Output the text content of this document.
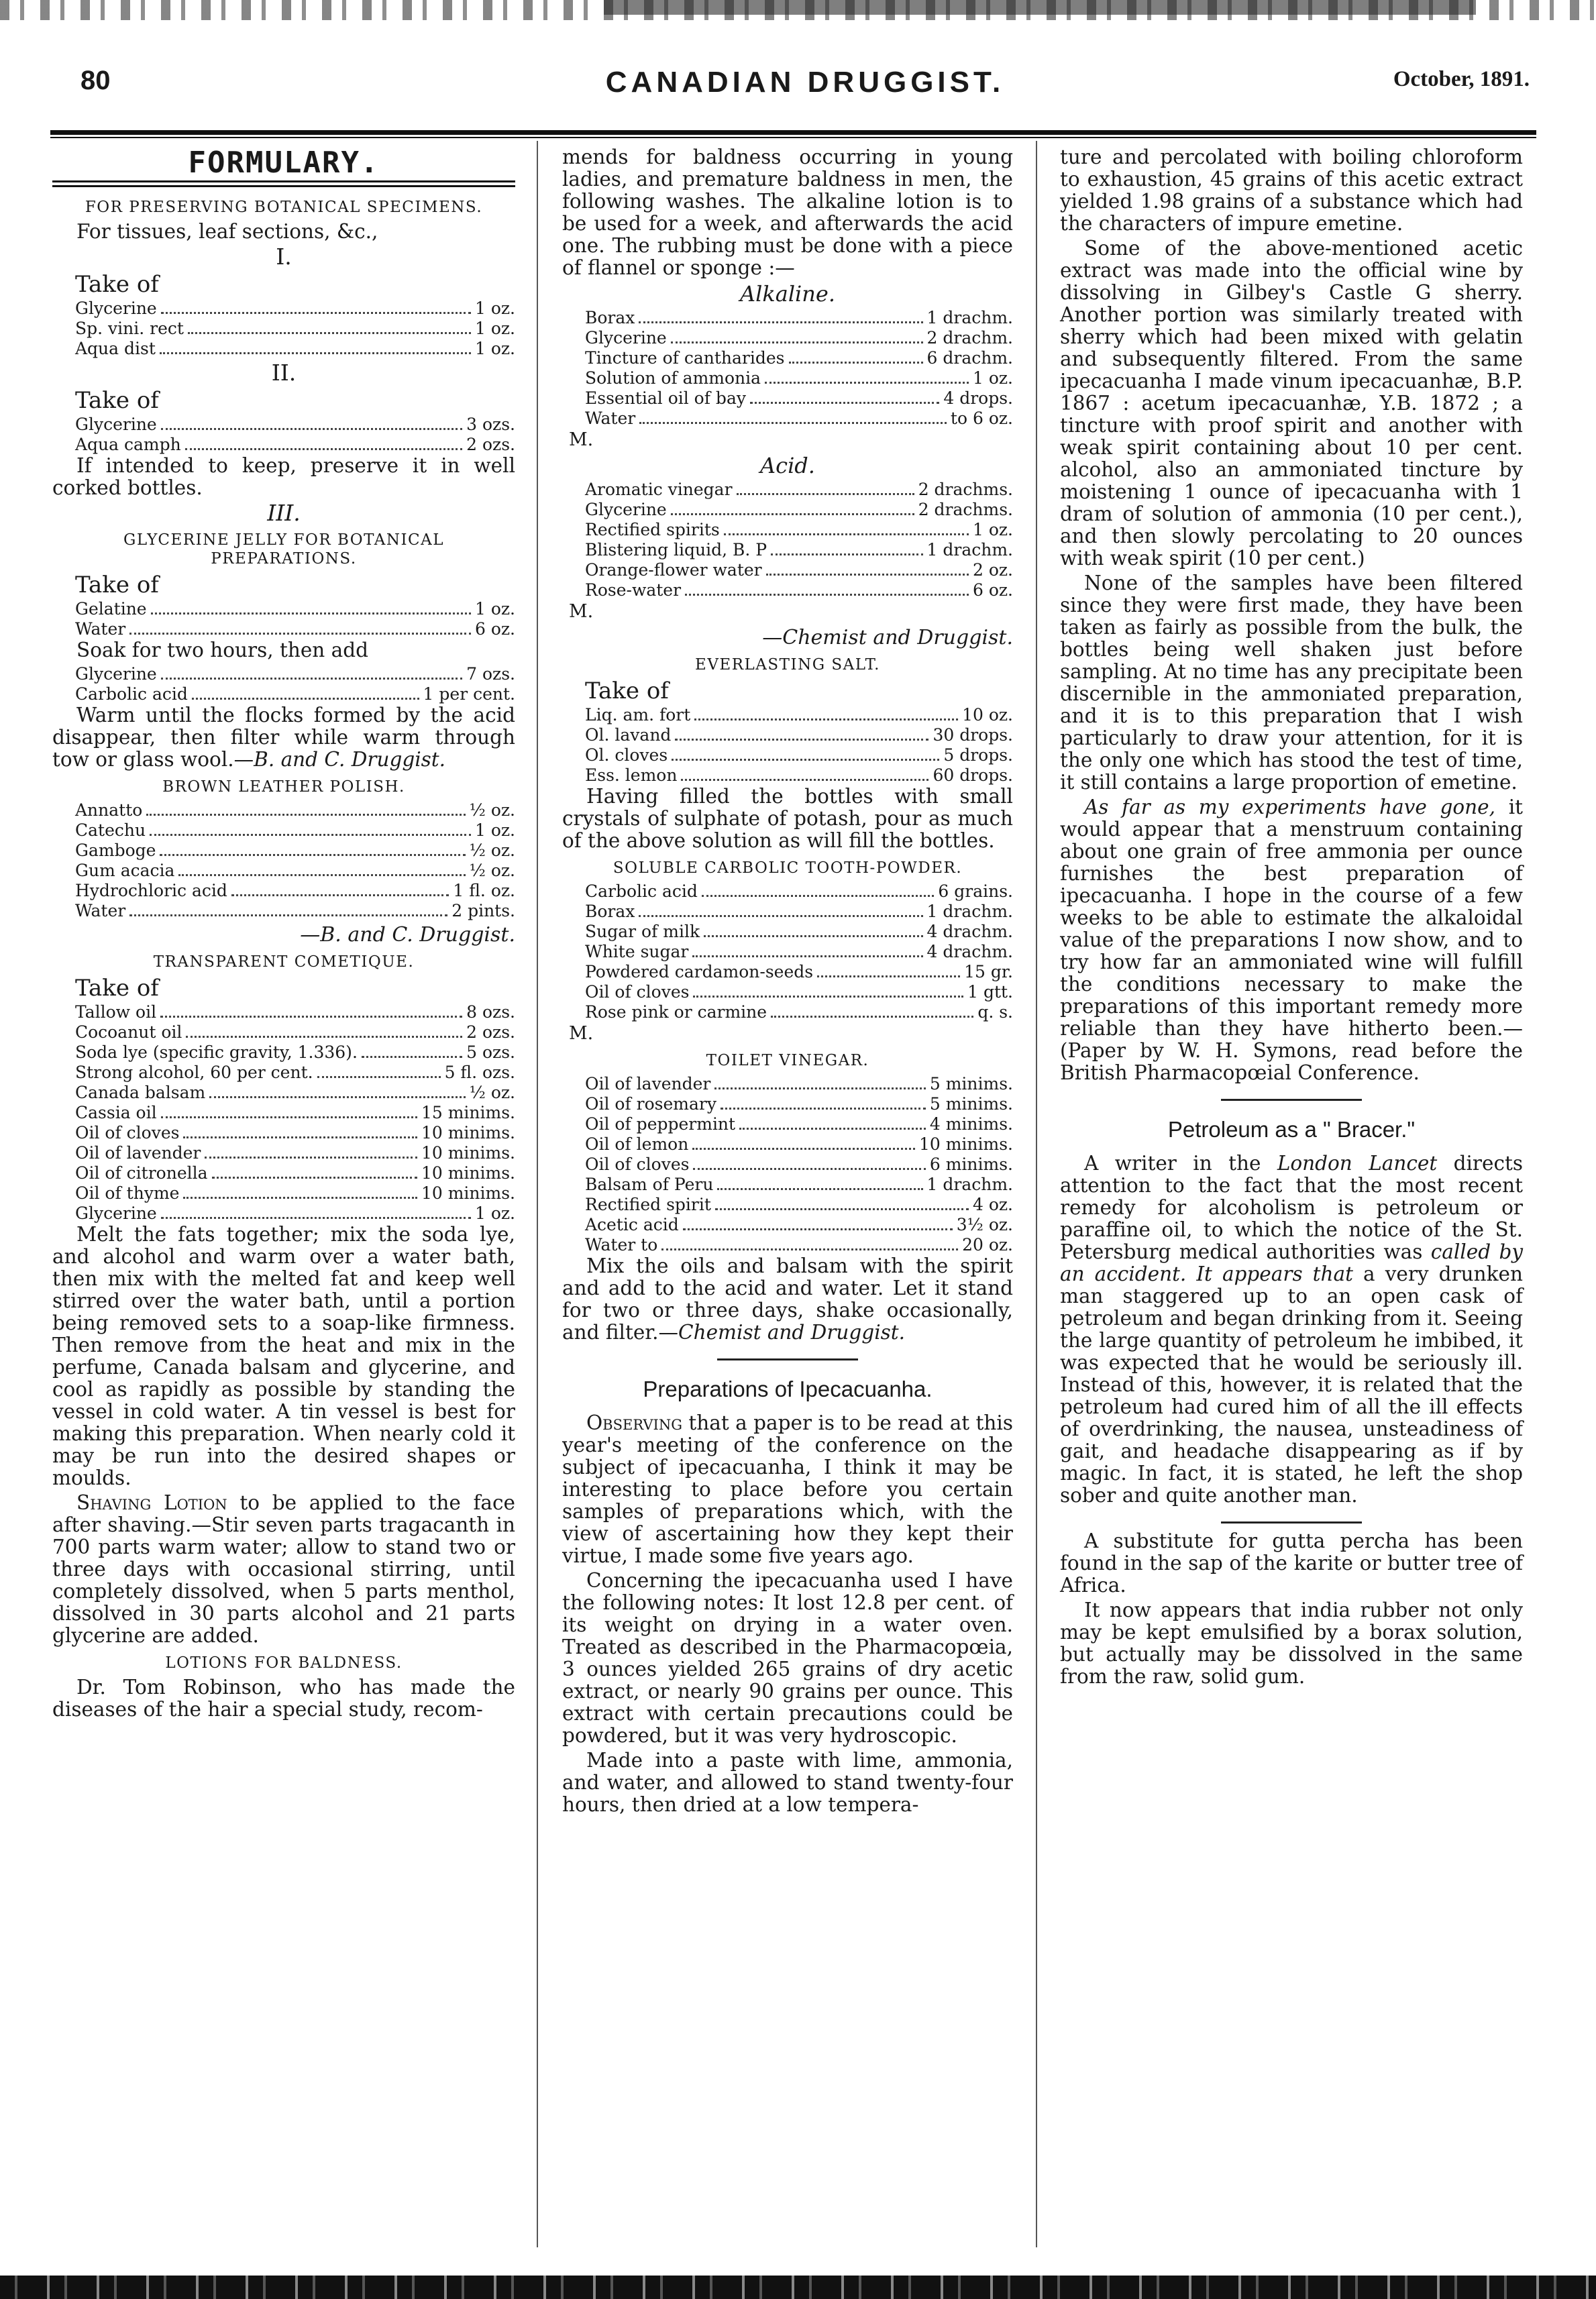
80	CANADIAN DRUGGIST.	October, 1891.
FORMULARY.
FOR PRESERVING BOTANICAL SPECIMENS.

For tissues, leaf sections, &c.,

I.
Take of
Glycerine	1 oz.
Sp. vini. rect	1 oz.
Aqua dist	1 oz.
II.
Take of
Glycerine	3 ozs.
Aqua camph	2 ozs.

If intended to keep, preserve it in well corked bottles.

III.
GLYCERINE JELLY FOR BOTANICAL PREPARATIONS.
Take of
Gelatine	1 oz.
Water	6 oz.

Soak for two hours, then add

Glycerine	7 ozs.
Carbolic acid	1 per cent.

Warm until the flocks formed by the acid disappear, then filter while warm through tow or glass wool.—B. and C. Druggist.

BROWN LEATHER POLISH.
Annatto	½ oz.
Catechu	1 oz.
Gamboge	½ oz.
Gum acacia	½ oz.
Hydrochloric acid	1 fl. oz.
Water	2 pints.
—B. and C. Druggist.
TRANSPARENT COMETIQUE.
Take of
Tallow oil	8 ozs.
Cocoanut oil	2 ozs.
Soda lye (specific gravity, 1.336).	5 ozs.
Strong alcohol, 60 per cent.	5 fl. ozs.
Canada balsam	½ oz.
Cassia oil	15 minims.
Oil of cloves	10 minims.
Oil of lavender	10 minims.
Oil of citronella	10 minims.
Oil of thyme	10 minims.
Glycerine	1 oz.

Melt the fats together; mix the soda lye, and alcohol and warm over a water bath, then mix with the melted fat and keep well stirred over the water bath, until a portion being removed sets to a soap-like firmness. Then remove from the heat and mix in the perfume, Canada balsam and glycerine, and cool as rapidly as possible by standing the vessel in cold water. A tin vessel is best for making this preparation. When nearly cold it may be run into the desired shapes or moulds.

Shaving Lotion to be applied to the face after shaving.—Stir seven parts tragacanth in 700 parts warm water; allow to stand two or three days with occasional stirring, until completely dissolved, when 5 parts menthol, dissolved in 30 parts alcohol and 21 parts glycerine are added.

LOTIONS FOR BALDNESS.

Dr. Tom Robinson, who has made the diseases of the hair a special study, recom-

mends for baldness occurring in young ladies, and premature baldness in men, the following washes. The alkaline lotion is to be used for a week, and afterwards the acid one. The rubbing must be done with a piece of flannel or sponge :—

Alkaline.
Borax	1 drachm.
Glycerine	2 drachm.
Tincture of cantharides	6 drachm.
Solution of ammonia	1 oz.
Essential oil of bay	4 drops.
Water	to 6 oz.
M.
Acid.
Aromatic vinegar	2 drachms.
Glycerine	2 drachms.
Rectified spirits	1 oz.
Blistering liquid, B. P	1 drachm.
Orange-flower water	2 oz.
Rose-water	6 oz.
M.
—Chemist and Druggist.
EVERLASTING SALT.
Take of
Liq. am. fort	10 oz.
Ol. lavand	30 drops.
Ol. cloves	5 drops.
Ess. lemon	60 drops.

Having filled the bottles with small crystals of sulphate of potash, pour as much of the above solution as will fill the bottles.

SOLUBLE CARBOLIC TOOTH-POWDER.
Carbolic acid	6 grains.
Borax	1 drachm.
Sugar of milk	4 drachm.
White sugar	4 drachm.
Powdered cardamon-seeds	15 gr.
Oil of cloves	1 gtt.
Rose pink or carmine	q. s.
M.
TOILET VINEGAR.
Oil of lavender	5 minims.
Oil of rosemary	5 minims.
Oil of peppermint	4 minims.
Oil of lemon	10 minims.
Oil of cloves	6 minims.
Balsam of Peru	1 drachm.
Rectified spirit	4 oz.
Acetic acid	3½ oz.
Water to	20 oz.

Mix the oils and balsam with the spirit and add to the acid and water. Let it stand for two or three days, shake occasionally, and filter.—Chemist and Druggist.

Preparations of Ipecacuanha.

Observing that a paper is to be read at this year's meeting of the conference on the subject of ipecacuanha, I think it may be interesting to place before you certain samples of preparations which, with the view of ascertaining how they kept their virtue, I made some five years ago.

Concerning the ipecacuanha used I have the following notes: It lost 12.8 per cent. of its weight on drying in a water oven. Treated as described in the Pharmacopœia, 3 ounces yielded 265 grains of dry acetic extract, or nearly 90 grains per ounce. This extract with certain precautions could be powdered, but it was very hydroscopic.

Made into a paste with lime, ammonia, and water, and allowed to stand twenty-four hours, then dried at a low tempera-

ture and percolated with boiling chloroform to exhaustion, 45 grains of this acetic extract yielded 1.98 grains of a substance which had the characters of impure emetine.

Some of the above-mentioned acetic extract was made into the official wine by dissolving in Gilbey's Castle G sherry. Another portion was similarly treated with sherry which had been mixed with gelatin and subsequently filtered. From the same ipecacuanha I made vinum ipecacuanhæ, B.P. 1867 : acetum ipecacuanhæ, Y.B. 1872 ; a tincture with proof spirit and another with weak spirit containing about 10 per cent. alcohol, also an ammoniated tincture by moistening 1 ounce of ipecacuanha with 1 dram of solution of ammonia (10 per cent.), and then slowly percolating to 20 ounces with weak spirit (10 per cent.)

None of the samples have been filtered since they were first made, they have been taken as fairly as possible from the bulk, the bottles being well shaken just before sampling. At no time has any precipitate been discernible in the ammoniated preparation, and it is to this preparation that I wish particularly to draw your attention, for it is the only one which has stood the test of time, it still contains a large proportion of emetine.

As far as my experiments have gone, it would appear that a menstruum containing about one grain of free ammonia per ounce furnishes the best preparation of ipecacuanha. I hope in the course of a few weeks to be able to estimate the alkaloidal value of the preparations I now show, and to try how far an ammoniated wine will fulfill the conditions necessary to make the preparations of this important remedy more reliable than they have hitherto been.—(Paper by W. H. Symons, read before the British Pharmacopœial Conference.

Petroleum as a " Bracer."

A writer in the London Lancet directs attention to the fact that the most recent remedy for alcoholism is petroleum or paraffine oil, to which the notice of the St. Petersburg medical authorities was called by an accident. It appears that a very drunken man staggered up to an open cask of petroleum and began drinking from it. Seeing the large quantity of petroleum he imbibed, it was expected that he would be seriously ill. Instead of this, however, it is related that the petroleum had cured him of all the ill effects of overdrinking, the nausea, unsteadiness of gait, and headache disappearing as if by magic. In fact, it is stated, he left the shop sober and quite another man.

A substitute for gutta percha has been found in the sap of the karite or butter tree of Africa.

It now appears that india rubber not only may be kept emulsified by a borax solution, but actually may be dissolved in the same from the raw, solid gum.
